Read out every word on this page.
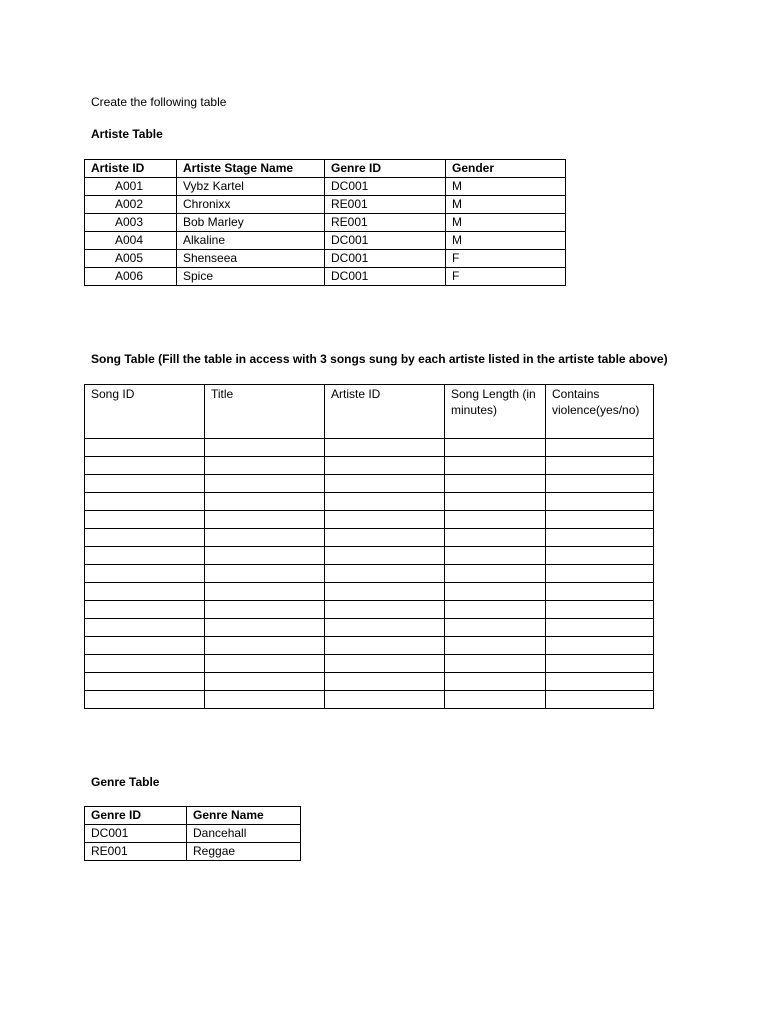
Create the following table
Artiste Table
Artiste ID	Artiste Stage Name	Genre ID	Gender
A001	Vybz Kartel	DC001	M
A002	Chronixx	RE001	M
A003	Bob Marley	RE001	M
A004	Alkaline	DC001	M
A005	Shenseea	DC001	F
A006	Spice	DC001	F
Song Table (Fill the table in access with 3 songs sung by each artiste listed in the artiste table above)
Song ID	Title	Artiste ID	Song Length (in minutes)	Contains violence(yes/no)

Genre Table
Genre ID	Genre Name
DC001	Dancehall
RE001	Reggae
